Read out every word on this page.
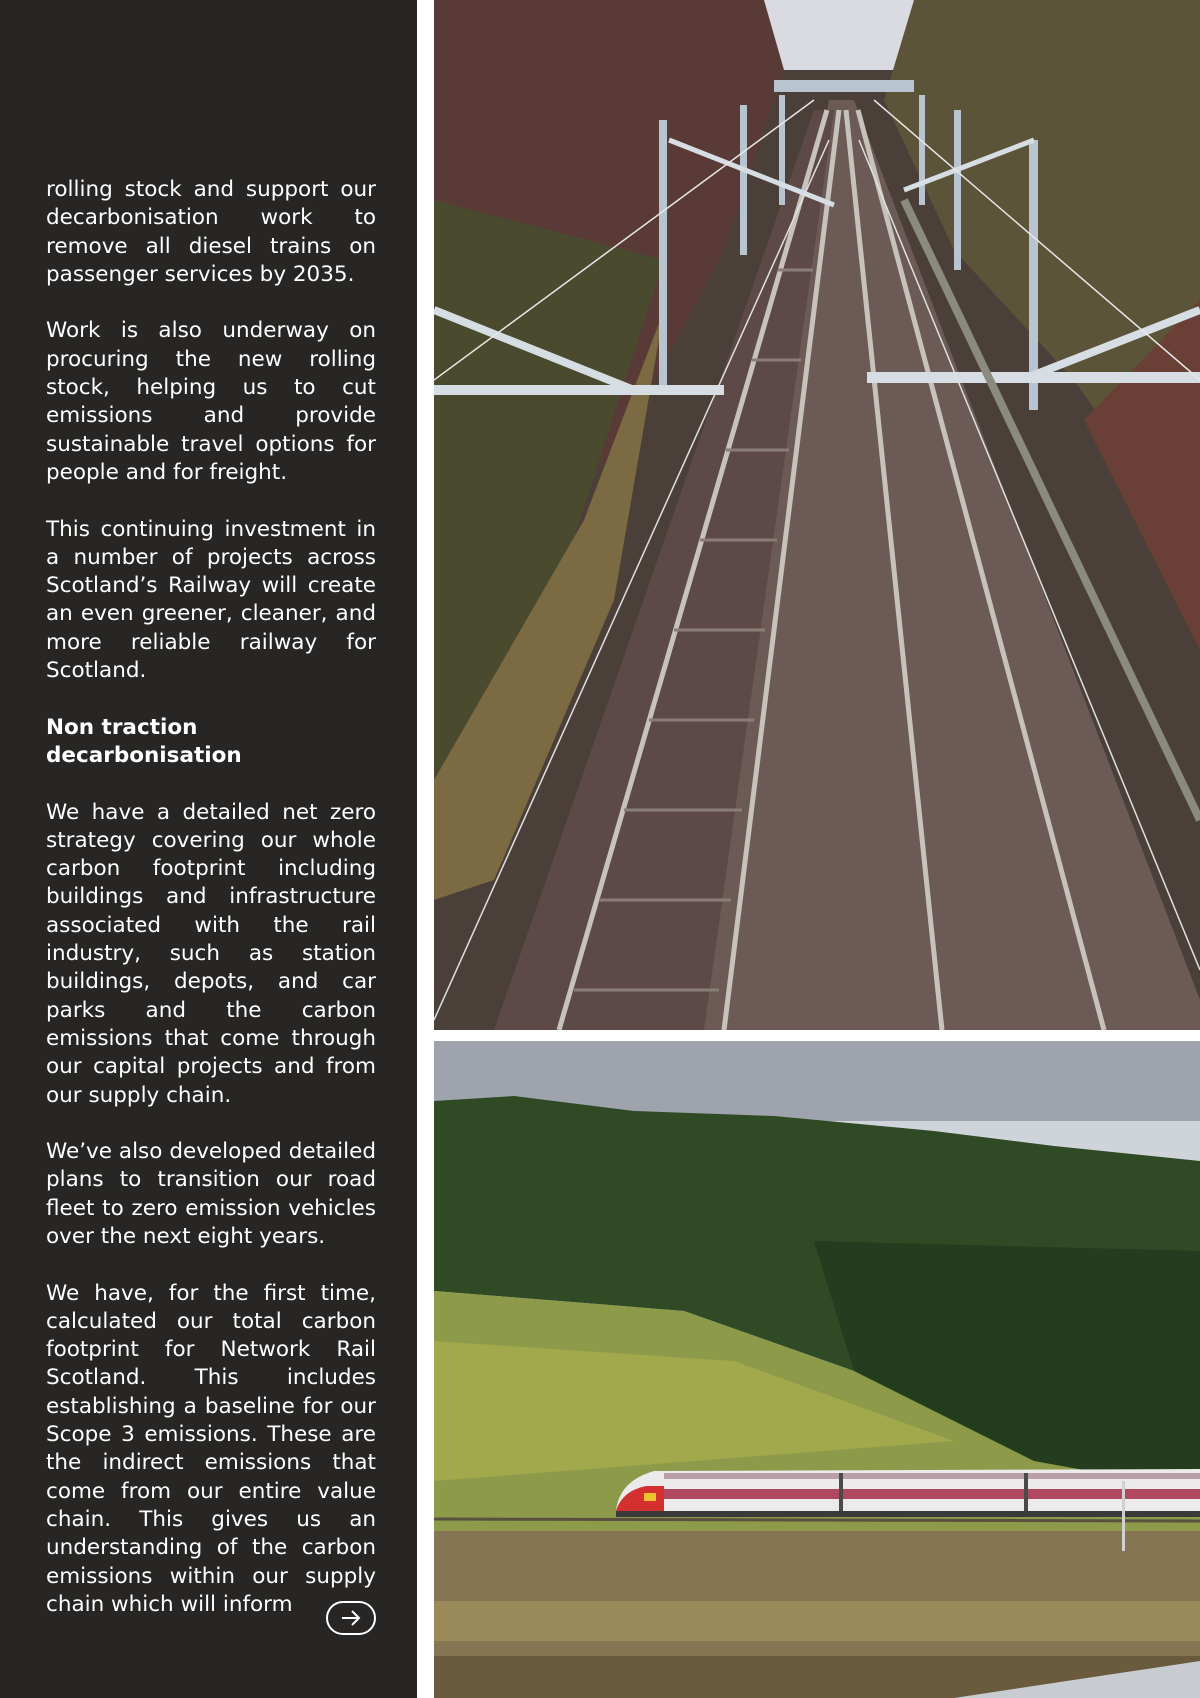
rolling stock and support our decarbonisation work to remove all diesel trains on passenger services by 2035.

Work is also underway on procuring the new rolling stock, helping us to cut emissions and provide sustainable travel options for people and for freight.

This continuing investment in a number of projects across Scotland’s Railway will create an even greener, cleaner, and more reliable railway for Scotland.

Non traction decarbonisation

We have a detailed net zero strategy covering our whole carbon footprint including buildings and infrastructure associated with the rail industry, such as station buildings, depots, and car parks and the carbon emissions that come through our capital projects and from our supply chain.

We’ve also developed detailed plans to transition our road fleet to zero emission vehicles over the next eight years.

We have, for the first time, calculated our total carbon footprint for Network Rail Scotland. This includes establishing a baseline for our Scope 3 emissions. These are the indirect emissions that come from our entire value chain. This gives us an understanding of the carbon emissions within our supply chain which will inform
